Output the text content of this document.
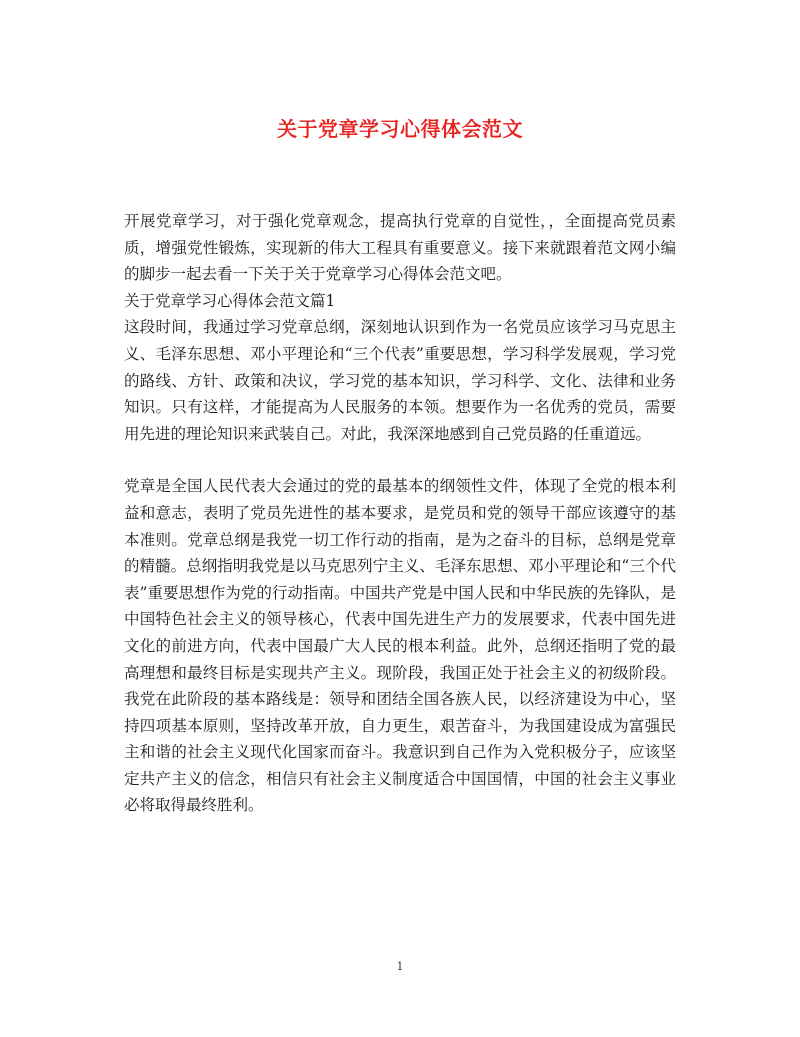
关于党章学习心得体会范文

开展党章学习，对于强化党章观念，提高执行党章的自觉性，，全面提高党员素质，增强党性锻炼，实现新的伟大工程具有重要意义。接下来就跟着范文网小编的脚步一起去看一下关于关于党章学习心得体会范文吧。

关于党章学习心得体会范文篇1

这段时间，我通过学习党章总纲，深刻地认识到作为一名党员应该学习马克思主义、毛泽东思想、邓小平理论和“三个代表”重要思想，学习科学发展观，学习党的路线、方针、政策和决议，学习党的基本知识，学习科学、文化、法律和业务知识。只有这样，才能提高为人民服务的本领。想要作为一名优秀的党员，需要用先进的理论知识来武装自己。对此，我深深地感到自己党员路的任重道远。

党章是全国人民代表大会通过的党的最基本的纲领性文件，体现了全党的根本利益和意志，表明了党员先进性的基本要求，是党员和党的领导干部应该遵守的基本准则。党章总纲是我党一切工作行动的指南，是为之奋斗的目标，总纲是党章的精髓。总纲指明我党是以马克思列宁主义、毛泽东思想、邓小平理论和“三个代表”重要思想作为党的行动指南。中国共产党是中国人民和中华民族的先锋队，是中国特色社会主义的领导核心，代表中国先进生产力的发展要求，代表中国先进文化的前进方向，代表中国最广大人民的根本利益。此外，总纲还指明了党的最高理想和最终目标是实现共产主义。现阶段，我国正处于社会主义的初级阶段。我党在此阶段的基本路线是：领导和团结全国各族人民，以经济建设为中心，坚持四项基本原则，坚持改革开放，自力更生，艰苦奋斗，为我国建设成为富强民主和谐的社会主义现代化国家而奋斗。我意识到自己作为入党积极分子，应该坚定共产主义的信念，相信只有社会主义制度适合中国国情，中国的社会主义事业必将取得最终胜利。

1
